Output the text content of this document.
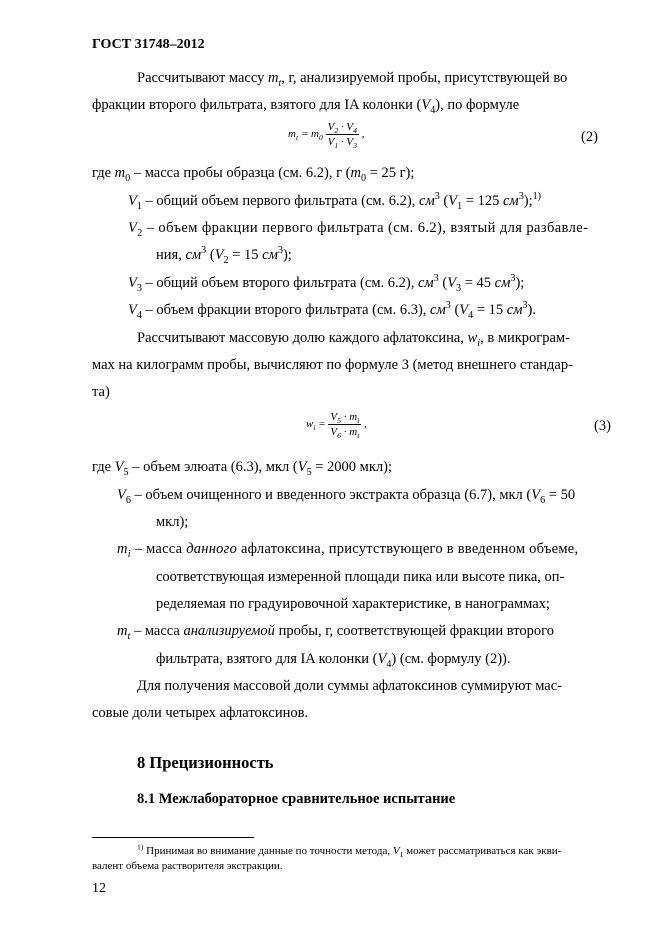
ГОСТ 31748–2012
Рассчитывают массу $m_t$, г, анализируемой пробы, присутствующей во
фракции второго фильтрата, взятого для IA колонки $(V_4)$, по формуле
$m_t = m_0 \frac{V_2 \cdot V_4}{V_1 \cdot V_3}$ ,	(2)
где $m_0$ – масса пробы образца (см. 6.2), г ($m_0 = 25$ г);
$V_1$ – общий объем первого фильтрата (см. 6.2), $см^3$ ($V_1 = 125$ $см^3);^{1)}$
$V_2$ – объем фракции первого фильтрата (см. 6.2), взятый для разбавле-
ния, $см^3$ ($V_2 = 15$ $см^3$);
$V_3$ – общий объем второго фильтрата (см. 6.2), $см^3$ ($V_3 = 45$ $см^3$);
$V_4$ – объем фракции второго фильтрата (см. 6.3), $см^3$ ($V_4 = 15$ $см^3$).
Рассчитывают массовую долю каждого афлатоксина, $w_i$, в микрограм-
мах на килограмм пробы, вычисляют по формуле 3 (метод внешнего стандар-
та)
$w_i = \frac{V_5 \cdot m_i}{V_6 \cdot m_t}$ ,	(3)
где $V_5$ – объем элюата (6.3), мкл ($V_5 = 2000$ мкл);
$V_6$ – объем очищенного и введенного экстракта образца (6.7), мкл ($V_6 = 50$
мкл);
$m_i$ – масса данного афлатоксина, присутствующего в введенном объеме,
соответствующая измеренной площади пика или высоте пика, оп-
ределяемая по градуировочной характеристике, в нанограммах;
$m_t$ – масса анализируемой пробы, г, соответствующей фракции второго
фильтрата, взятого для IA колонки $(V_4)$ (см. формулу (2)).
Для получения массовой доли суммы афлатоксинов суммируют мас-
совые доли четырех афлатоксинов.
8 Прецизионность
8.1 Межлабораторное сравнительное испытание
$^{1)}$ Принимая во внимание данные по точности метода, $V_1$ может рассматриваться как экви-
валент объема растворителя экстракции.
12
